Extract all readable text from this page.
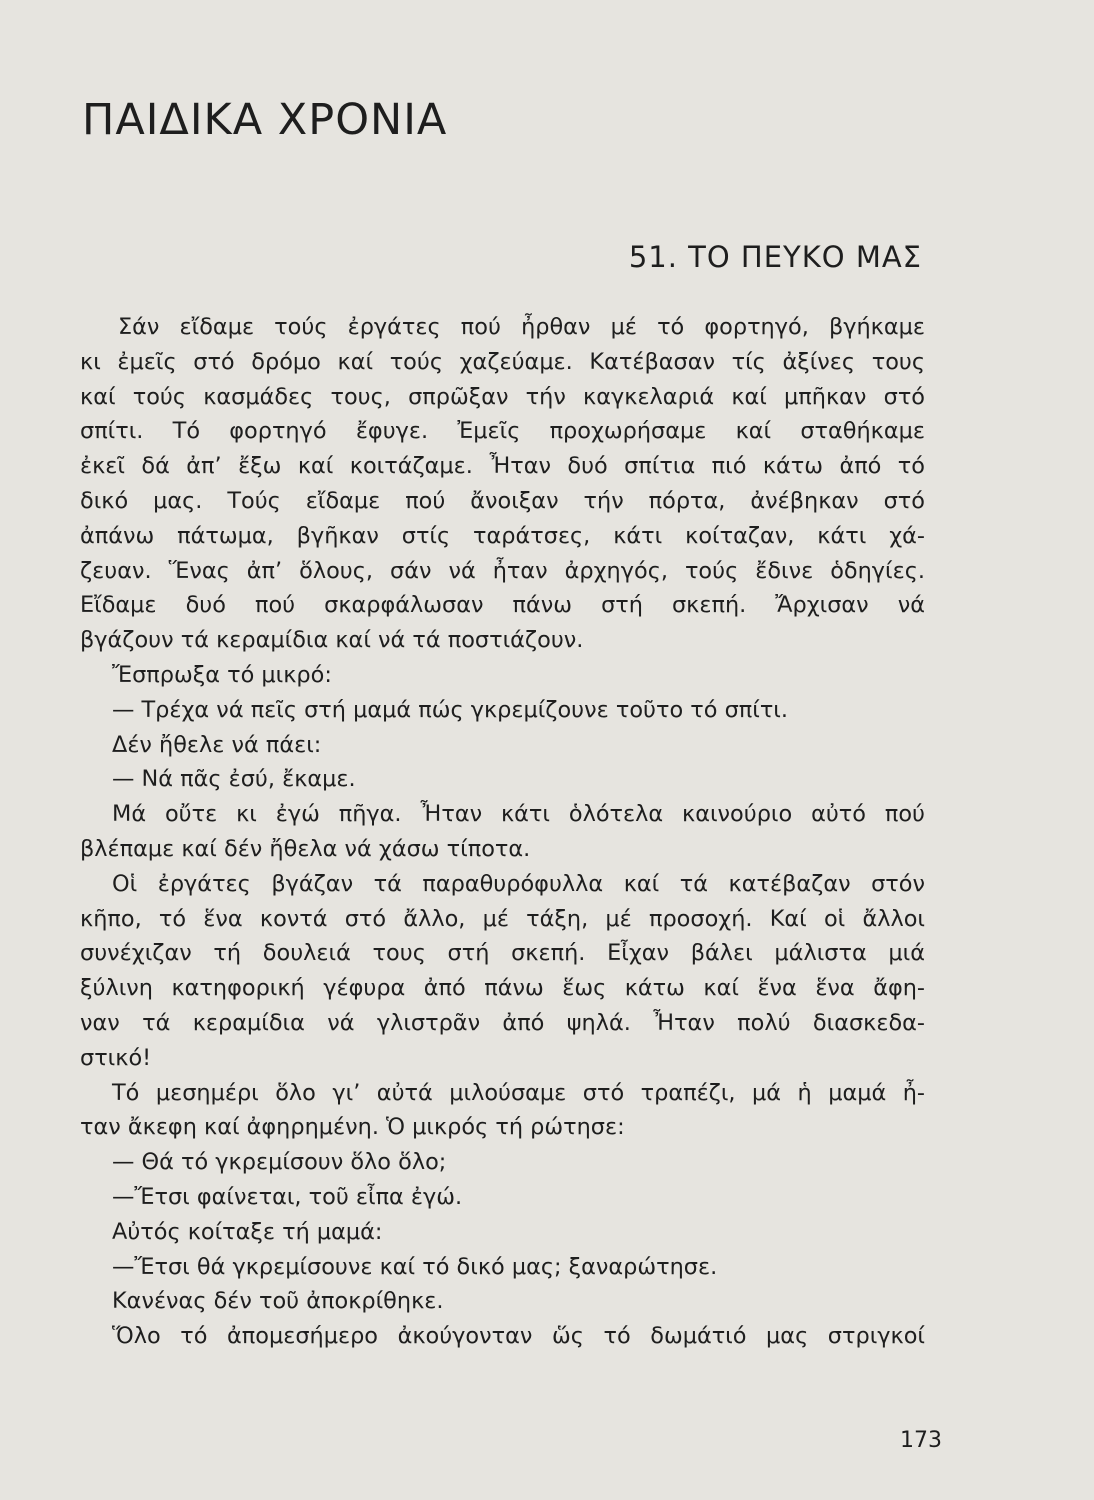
ΠΑΙΔΙΚΑ ΧΡΟΝΙΑ
51. ΤΟ ΠΕΥΚΟ ΜΑΣ
Σάν εἴδαμε τούς ἐργάτες πού ἦρθαν μέ τό φορτηγό, βγήκαμε
κι ἐμεῖς στό δρόμο καί τούς χαζεύαμε. Κατέβασαν τίς ἀξίνες τους
καί τούς κασμάδες τους, σπρῶξαν τήν καγκελαριά καί μπῆκαν στό
σπίτι. Τό φορτηγό ἔφυγε. Ἐμεῖς προχωρήσαμε καί σταθήκαμε
ἐκεῖ δά ἀπ’ ἔξω καί κοιτάζαμε. Ἦταν δυό σπίτια πιό κάτω ἀπό τό
δικό μας. Τούς εἴδαμε πού ἄνοιξαν τήν πόρτα, ἀνέβηκαν στό
ἀπάνω πάτωμα, βγῆκαν στίς ταράτσες, κάτι κοίταζαν, κάτι χά-
ζευαν. Ἕνας ἀπ’ ὅλους, σάν νά ἦταν ἀρχηγός, τούς ἔδινε ὁδηγίες.
Εἴδαμε δυό πού σκαρφάλωσαν πάνω στή σκεπή. Ἄρχισαν νά
βγάζουν τά κεραμίδια καί νά τά ποστιάζουν.
Ἔσπρωξα τό μικρό:
— Τρέχα νά πεῖς στή μαμά πώς γκρεμίζουνε τοῦτο τό σπίτι.
Δέν ἤθελε νά πάει:
— Νά πᾶς ἐσύ, ἔκαμε.
Μά οὔτε κι ἐγώ πῆγα. Ἦταν κάτι ὁλότελα καινούριο αὐτό πού
βλέπαμε καί δέν ἤθελα νά χάσω τίποτα.
Οἱ ἐργάτες βγάζαν τά παραθυρόφυλλα καί τά κατέβαζαν στόν
κῆπο, τό ἕνα κοντά στό ἄλλο, μέ τάξη, μέ προσοχή. Καί οἱ ἄλλοι
συνέχιζαν τή δουλειά τους στή σκεπή. Εἶχαν βάλει μάλιστα μιά
ξύλινη κατηφορική γέφυρα ἀπό πάνω ἕως κάτω καί ἕνα ἕνα ἄφη-
ναν τά κεραμίδια νά γλιστρᾶν ἀπό ψηλά. Ἦταν πολύ διασκεδα-
στικό!
Τό μεσημέρι ὅλο γι’ αὐτά μιλούσαμε στό τραπέζι, μά ἡ μαμά ἦ-
ταν ἄκεφη καί ἀφηρημένη. Ὁ μικρός τή ρώτησε:
— Θά τό γκρεμίσουν ὅλο ὅλο;
—Ἔτσι φαίνεται, τοῦ εἶπα ἐγώ.
Αὐτός κοίταξε τή μαμά:
—Ἔτσι θά γκρεμίσουνε καί τό δικό μας; ξαναρώτησε.
Κανένας δέν τοῦ ἀποκρίθηκε.
Ὅλο τό ἀπομεσήμερο ἀκούγονταν ὥς τό δωμάτιό μας στριγκοί
173
